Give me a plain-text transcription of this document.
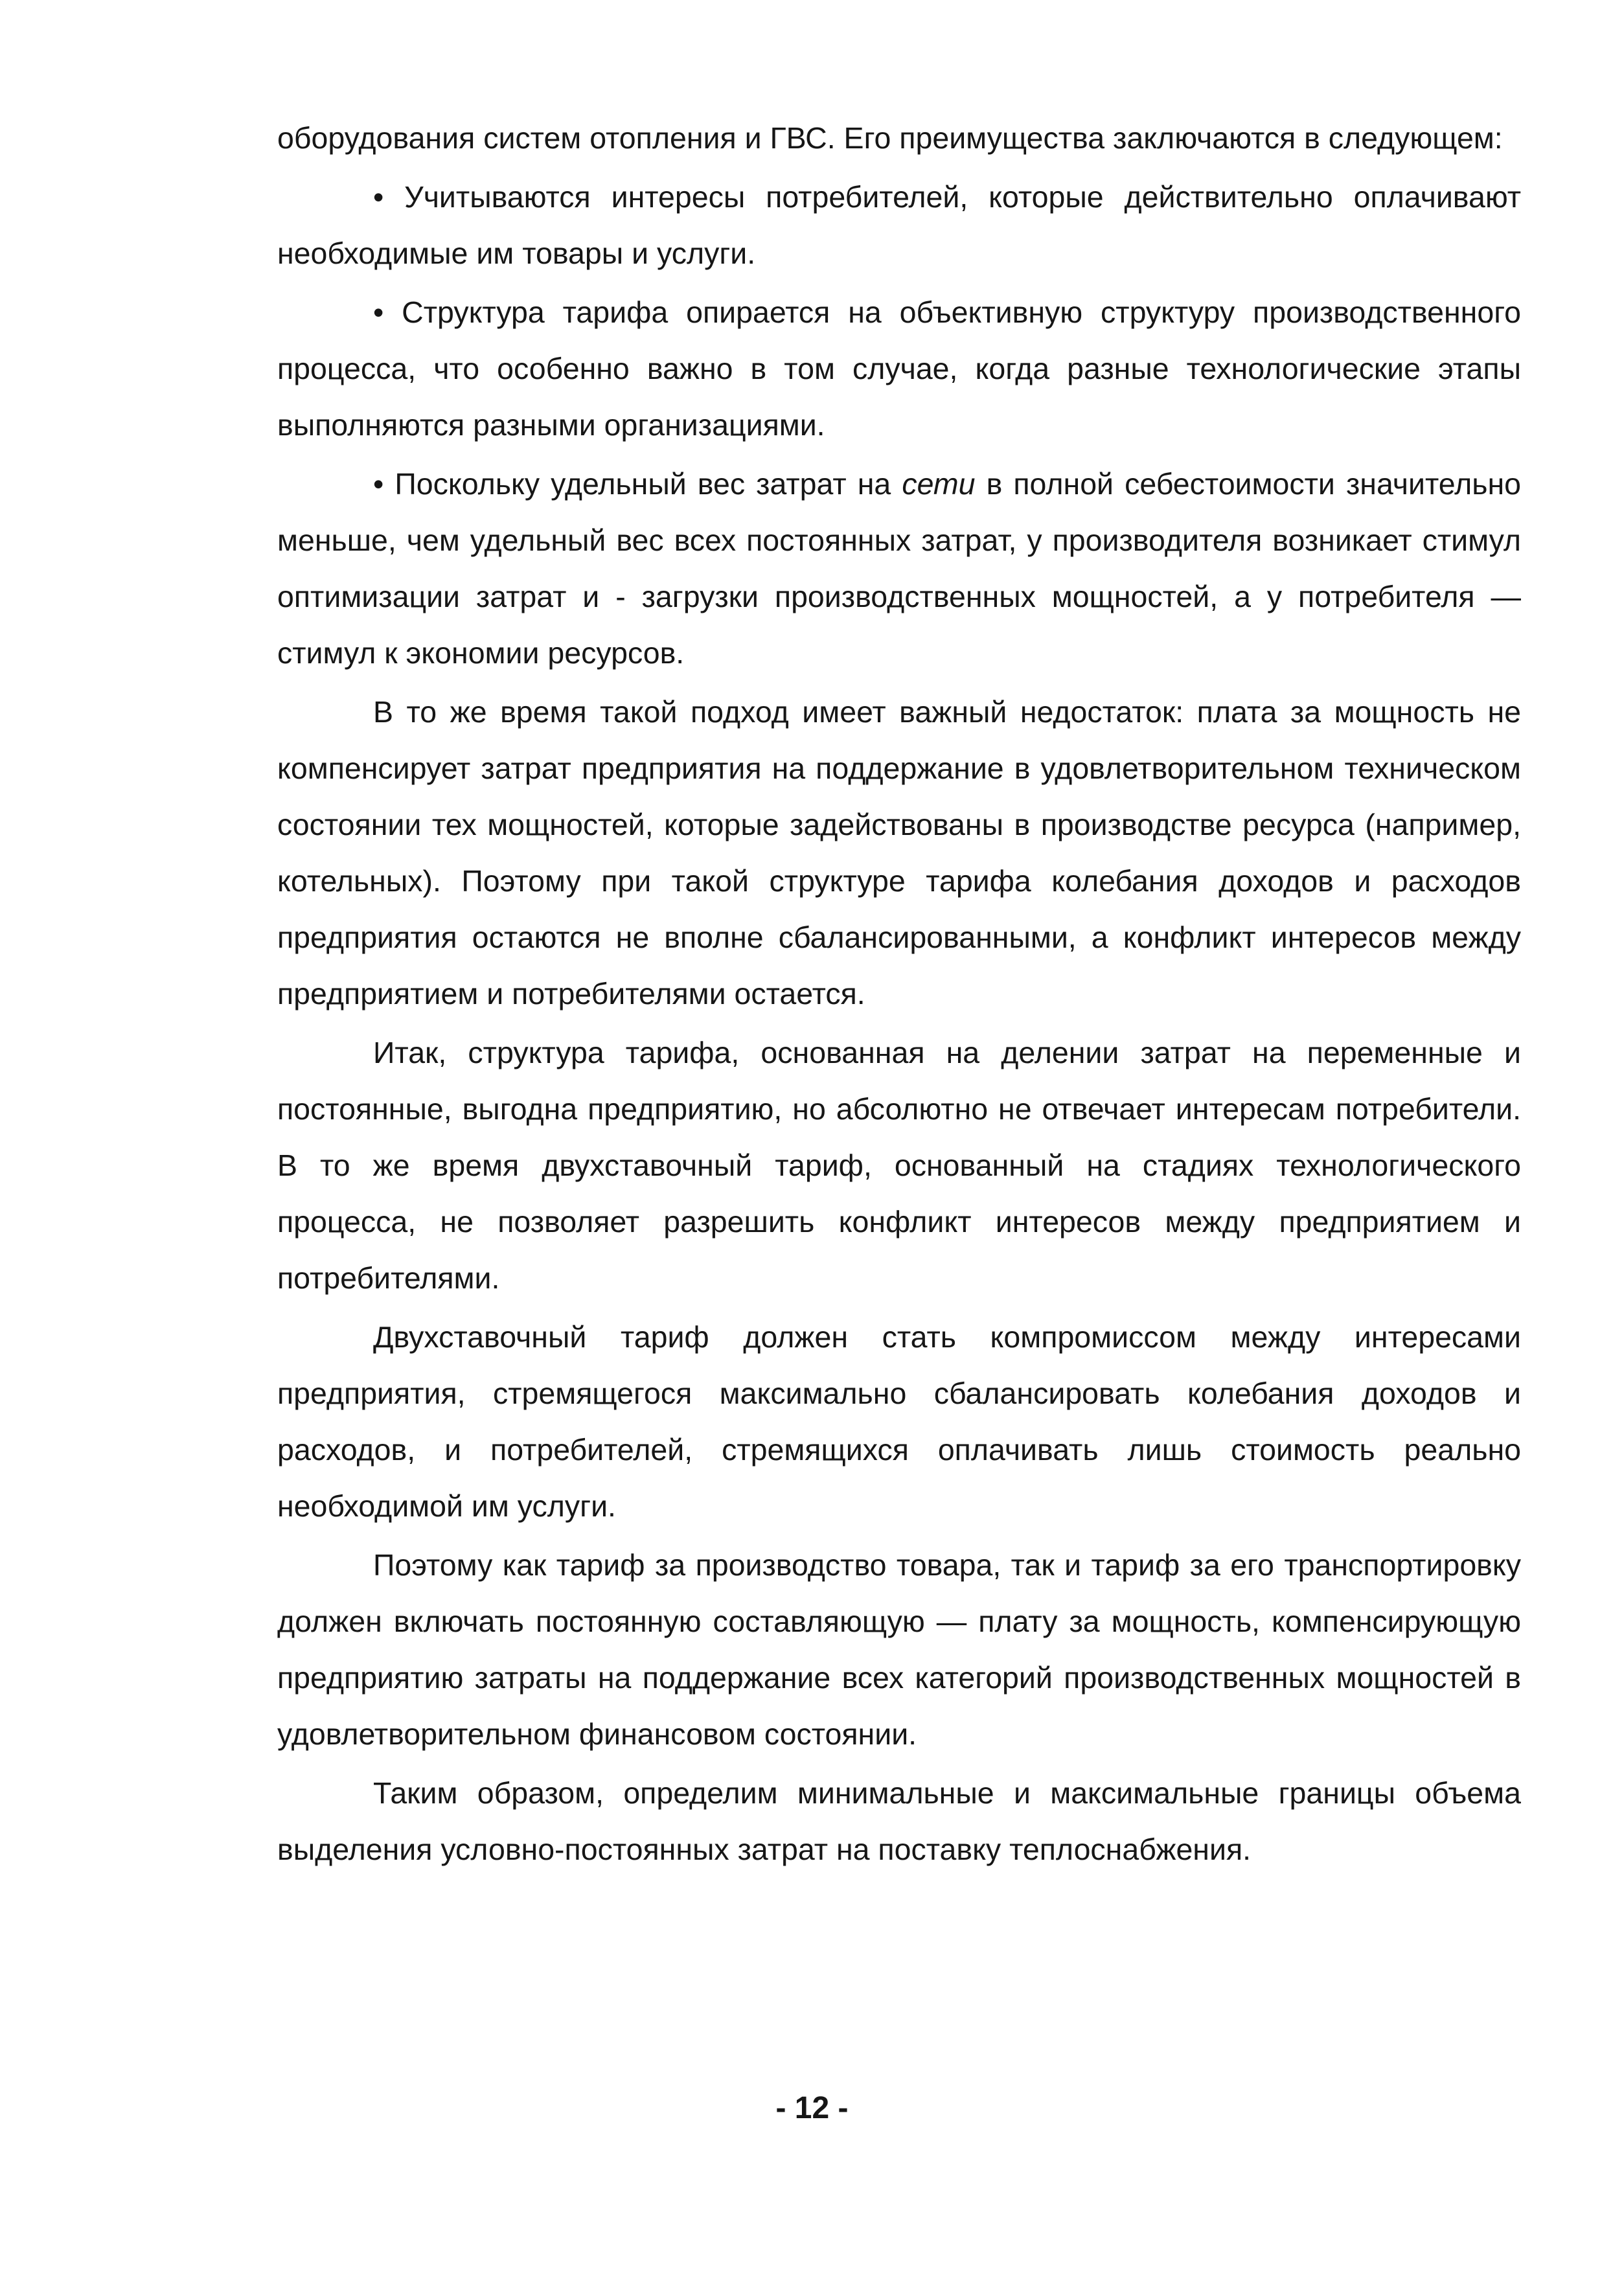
оборудования систем отопления и ГВС. Его преимущества заключаются в следующем:

• Учитываются интересы потребителей, которые действительно оплачивают необходимые им товары и услуги.

• Структура тарифа опирается на объективную структуру производственного процесса, что особенно важно в том случае, когда разные технологические этапы выполняются разными организациями.

• Поскольку удельный вес затрат на сети в полной себестоимости значительно меньше, чем удельный вес всех постоянных затрат, у производителя возникает стимул оптимизации затрат и - загрузки производственных мощностей, а у потребителя — стимул к экономии ресурсов.

В то же время такой подход имеет важный недостаток: плата за мощность не компенсирует затрат предприятия на поддержание в удовлетворительном техническом состоянии тех мощностей, которые задействованы в производстве ресурса (например, котельных). Поэтому при такой структуре тарифа колебания доходов и расходов предприятия остаются не вполне сбалансированными, а конфликт интересов между предприятием и потребителями остается.

Итак, структура тарифа, основанная на делении затрат на переменные и постоянные, выгодна предприятию, но абсолютно не отвечает интересам потребители. В то же время двухставочный тариф, основанный на стадиях технологического процесса, не позволяет разрешить конфликт интересов между предприятием и потребителями.

Двухставочный тариф должен стать компромиссом между интересами предприятия, стремящегося максимально сбалансировать колебания доходов и расходов, и потребителей, стремящихся оплачивать лишь стоимость реально необходимой им услуги.

Поэтому как тариф за производство товара, так и тариф за его транспортировку должен включать постоянную составляющую — плату за мощность, компенсирующую предприятию затраты на поддержание всех категорий производственных мощностей в удовлетворительном финансовом состоянии.

Таким образом, определим минимальные и максимальные границы объема выделения условно-постоянных затрат на поставку теплоснабжения.

- 12 -
